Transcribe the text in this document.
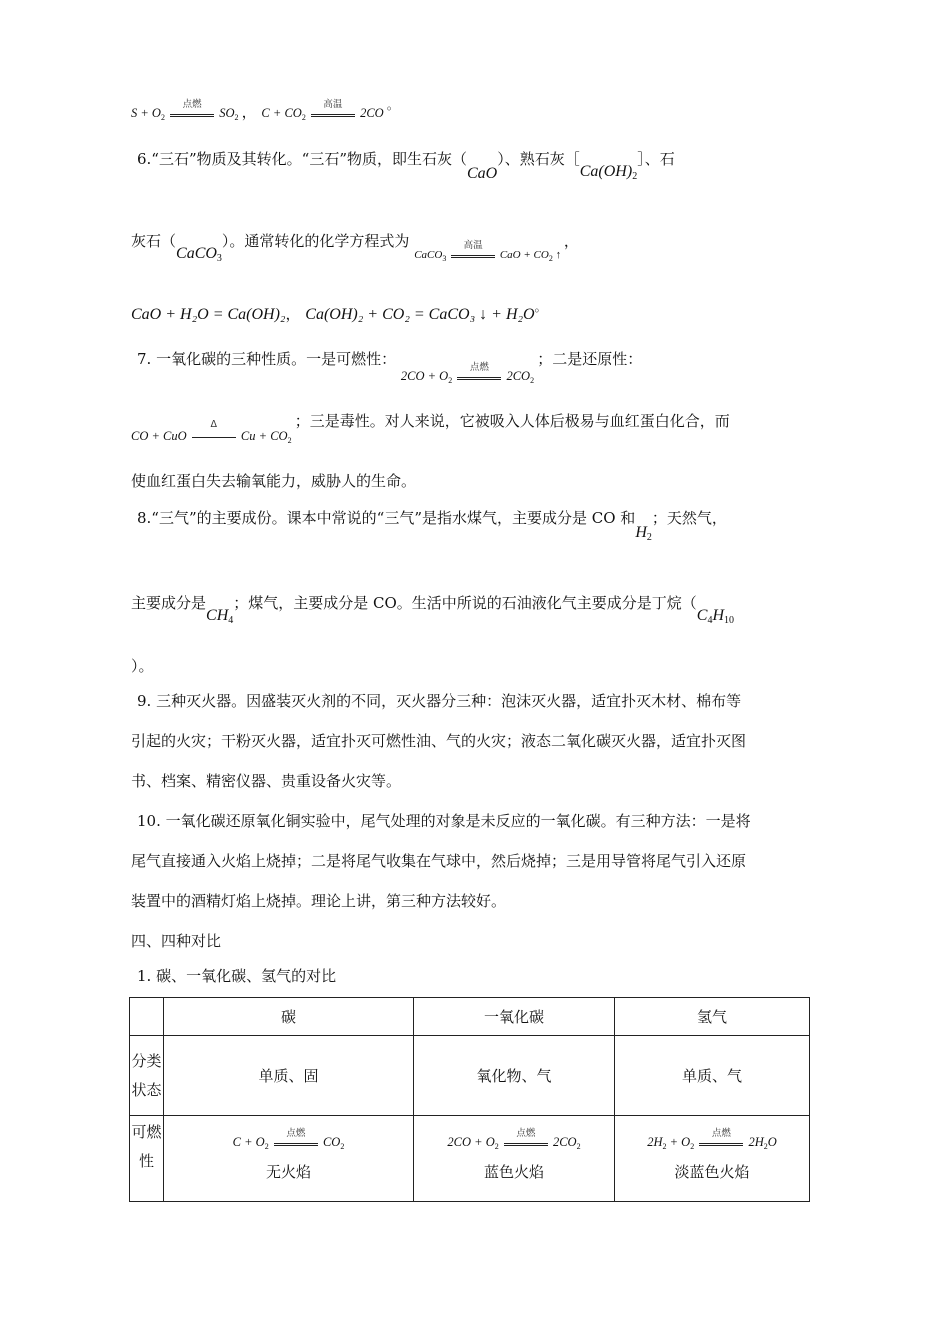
$S + O_2$
点燃
$SO_2$ ， $C + CO_2$
高温
2CO 。
6.“三石”物质及其转化。“三石”物质，即生石灰（CaO）、熟石灰$[Ca(OH)_2]$、石
灰石（CaCO$_3$）。通常转化的化学方程式为 $_{CaCO_3 高温 CaO + CO_2 ↑}$ ，
CaO + H₂O = Ca(OH)₂， Ca(OH)₂ + CO₂ = CaCO₃ ↓ + H₂O。
7. 一氧化碳的三种性质。一是可燃性： $_{2CO + O_2 点燃 2CO_2}$ ；二是还原性：
$_{CO + CuO \Delta Cu + CO_2}$ ；三是毒性。对人来说，它被吸入人体后极易与血红蛋白化合，而
使血红蛋白失去输氧能力，威胁人的生命。
8.“三气”的主要成份。课本中常说的“三气”是指水煤气，主要成分是 CO 和$H_2$；天然气，
主要成分是$CH_4$；煤气，主要成分是 CO。生活中所说的石油液化气主要成分是丁烷（$C_4H_{10}$
）。
9. 三种灭火器。因盛装灭火剂的不同，灭火器分三种：泡沫灭火器，适宜扑灭木材、棉布等
引起的火灾；干粉灭火器，适宜扑灭可燃性油、气的火灾；液态二氧化碳灭火器，适宜扑灭图
书、档案、精密仪器、贵重设备火灾等。
10. 一氧化碳还原氧化铜实验中，尾气处理的对象是未反应的一氧化碳。有三种方法：一是将
尾气直接通入火焰上烧掉；二是将尾气收集在气球中，然后烧掉；三是用导管将尾气引入还原
装置中的酒精灯焰上烧掉。理论上讲，第三种方法较好。
四、四种对比
1. 碳、一氧化碳、氢气的对比
	碳	一氧化碳	氢气

分类
状态	单质、固	氧化物、气	单质、气

可燃
性	$C + O_2$
点燃
$CO_2$
无火焰	$2CO + O_2$
点燃
$2CO_2$
蓝色火焰	$2H_2 + O_2$
点燃
$2H_2O$
淡蓝色火焰
